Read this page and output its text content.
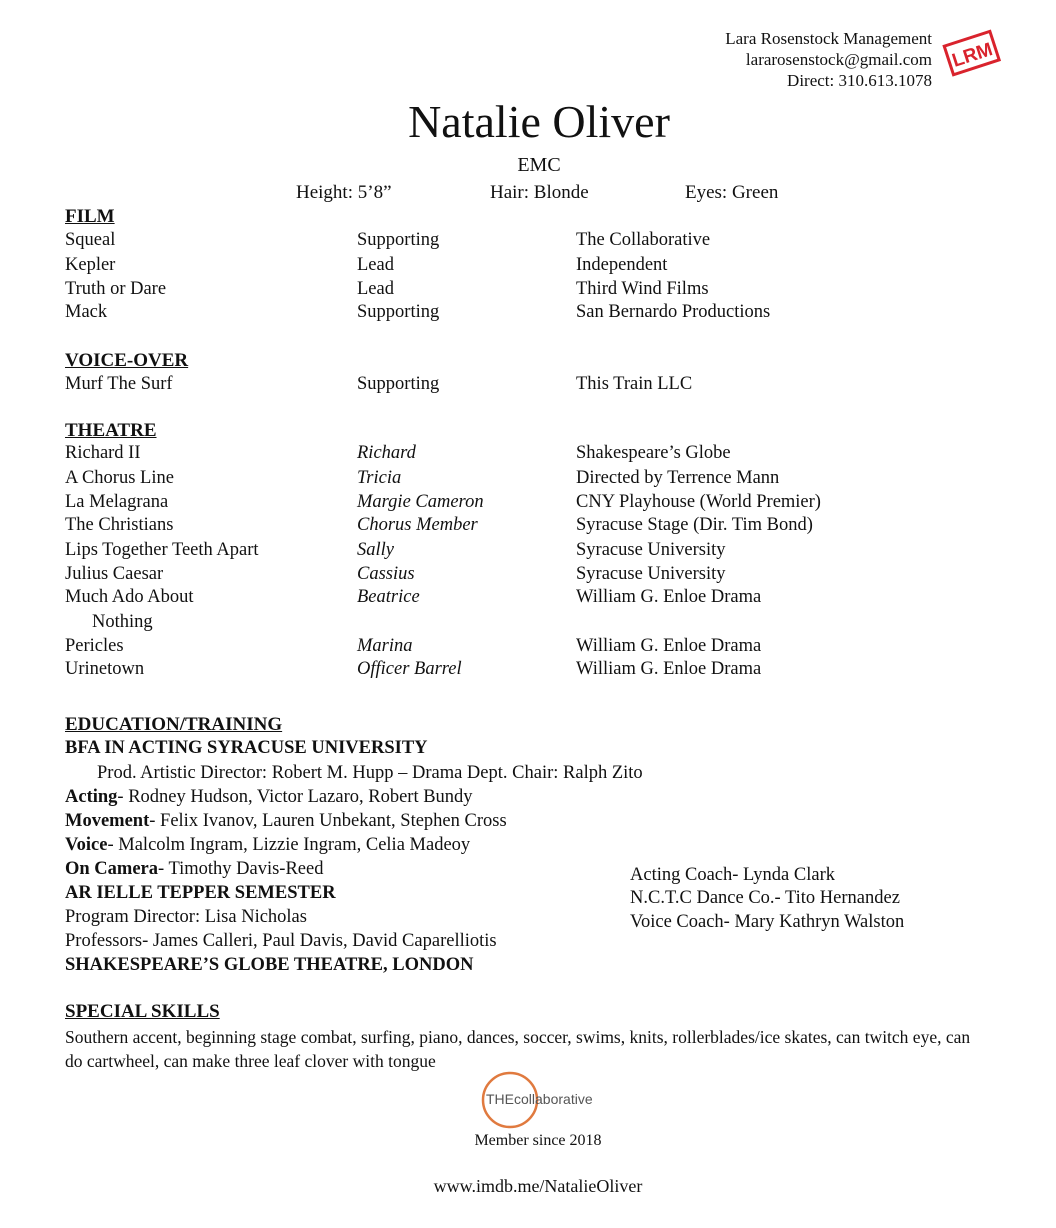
Lara Rosenstock Management
lararosenstock@gmail.com
Direct: 310.613.1078
LRM
Natalie Oliver
EMC
Height: 5’8”	Hair: Blonde	Eyes: Green
FILM
Squeal	Supporting	The Collaborative
Kepler	Lead	Independent
Truth or Dare	Lead	Third Wind Films
Mack	Supporting	San Bernardo Productions
VOICE-OVER
Murf The Surf	Supporting	This Train LLC
THEATRE
Richard II	Richard	Shakespeare’s Globe
A Chorus Line	Tricia	Directed by Terrence Mann
La Melagrana	Margie Cameron	CNY Playhouse (World Premier)
The Christians	Chorus Member	Syracuse Stage (Dir. Tim Bond)
Lips Together Teeth Apart	Sally	Syracuse University
Julius Caesar	Cassius	Syracuse University
Much Ado About	Beatrice	William G. Enloe Drama
Nothing
Pericles	Marina	William G. Enloe Drama
Urinetown	Officer Barrel	William G. Enloe Drama
EDUCATION/TRAINING
BFA IN ACTING SYRACUSE UNIVERSITY
Prod. Artistic Director: Robert M. Hupp – Drama Dept. Chair: Ralph Zito
Acting- Rodney Hudson, Victor Lazaro, Robert Bundy
Movement- Felix Ivanov, Lauren Unbekant, Stephen Cross
Voice- Malcolm Ingram, Lizzie Ingram, Celia Madeoy
On Camera- Timothy Davis-Reed
AR IELLE TEPPER SEMESTER
Program Director: Lisa Nicholas
Professors- James Calleri, Paul Davis, David Caparelliotis
SHAKESPEARE’S GLOBE THEATRE, LONDON
Acting Coach- Lynda Clark
N.C.T.C Dance Co.- Tito Hernandez
Voice Coach- Mary Kathryn Walston
SPECIAL SKILLS
Southern accent, beginning stage combat, surfing, piano, dances, soccer, swims, knits, rollerblades/ice skates, can twitch eye, can do cartwheel, can make three leaf clover with tongue
THEcollaborative
Member since 2018
www.imdb.me/NatalieOliver
